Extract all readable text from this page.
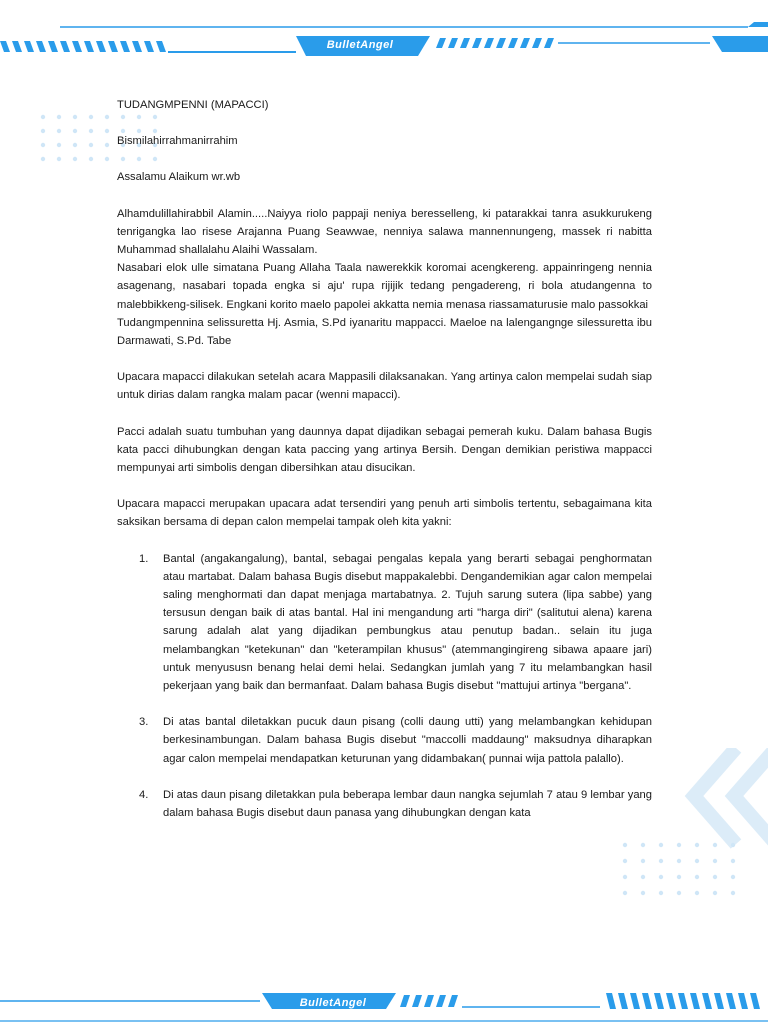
BulletAngel

TUDANGMPENNI (MAPACCI)

Bismilahirrahmanirrahim

Assalamu Alaikum wr.wb

Alhamdulillahirabbil Alamin.....Naiyya riolo pappaji neniya beresselleng, ki patarakkai tanra asukkurukeng tenrigangka lao risese Arajanna Puang Seawwae, nenniya salawa mannennungeng, massek ri nabitta Muhammad shallalahu Alaihi Wassalam.

Nasabari elok ulle simatana Puang Allaha Taala nawerekkik koromai acengkereng. appainringeng nennia asagenang, nasabari topada engka si aju' rupa rijijik tedang pengadereng, ri bola atudangenna to malebbikkeng-silisek. Engkani korito maelo papolei akkatta nemia menasa riassamaturusie malo passokkai

Tudangmpennina selissuretta Hj. Asmia, S.Pd iyanaritu mappacci. Maeloe na lalengangnge silessuretta ibu Darmawati, S.Pd. Tabe

Upacara mapacci dilakukan setelah acara Mappasili dilaksanakan. Yang artinya calon mempelai sudah siap untuk dirias dalam rangka malam pacar (wenni mapacci).

Pacci adalah suatu tumbuhan yang daunnya dapat dijadikan sebagai pemerah kuku. Dalam bahasa Bugis kata pacci dihubungkan dengan kata paccing yang artinya Bersih. Dengan demikian peristiwa mappacci mempunyai arti simbolis dengan dibersihkan atau disucikan.

Upacara mapacci merupakan upacara adat tersendiri yang penuh arti simbolis tertentu, sebagaimana kita saksikan bersama di depan calon mempelai tampak oleh kita yakni:

1. Bantal (angakangalung), bantal, sebagai pengalas kepala yang berarti sebagai penghormatan atau martabat. Dalam bahasa Bugis disebut mappakalebbi. Dengandemikian agar calon mempelai saling menghormati dan dapat menjaga martabatnya. 2. Tujuh sarung sutera (lipa sabbe) yang tersusun dengan baik di atas bantal. Hal ini mengandung arti "harga diri" (salitutui alena) karena sarung adalah alat yang dijadikan pembungkus atau penutup badan.. selain itu juga melambangkan "ketekunan" dan "keterampilan khusus" (atemmangingireng sibawa apaare jari) untuk menyususn benang helai demi helai. Sedangkan jumlah yang 7 itu melambangkan hasil pekerjaan yang baik dan bermanfaat. Dalam bahasa Bugis disebut "mattujui artinya "bergana".
3. Di atas bantal diletakkan pucuk daun pisang (colli daung utti) yang melambangkan kehidupan berkesinambungan. Dalam bahasa Bugis disebut "maccolli maddaung" maksudnya diharapkan agar calon mempelai mendapatkan keturunan yang didambakan( punnai wija pattola palallo).
4. Di atas daun pisang diletakkan pula beberapa lembar daun nangka sejumlah 7 atau 9 lembar yang dalam bahasa Bugis disebut daun panasa yang dihubungkan dengan kata
BulletAngel
